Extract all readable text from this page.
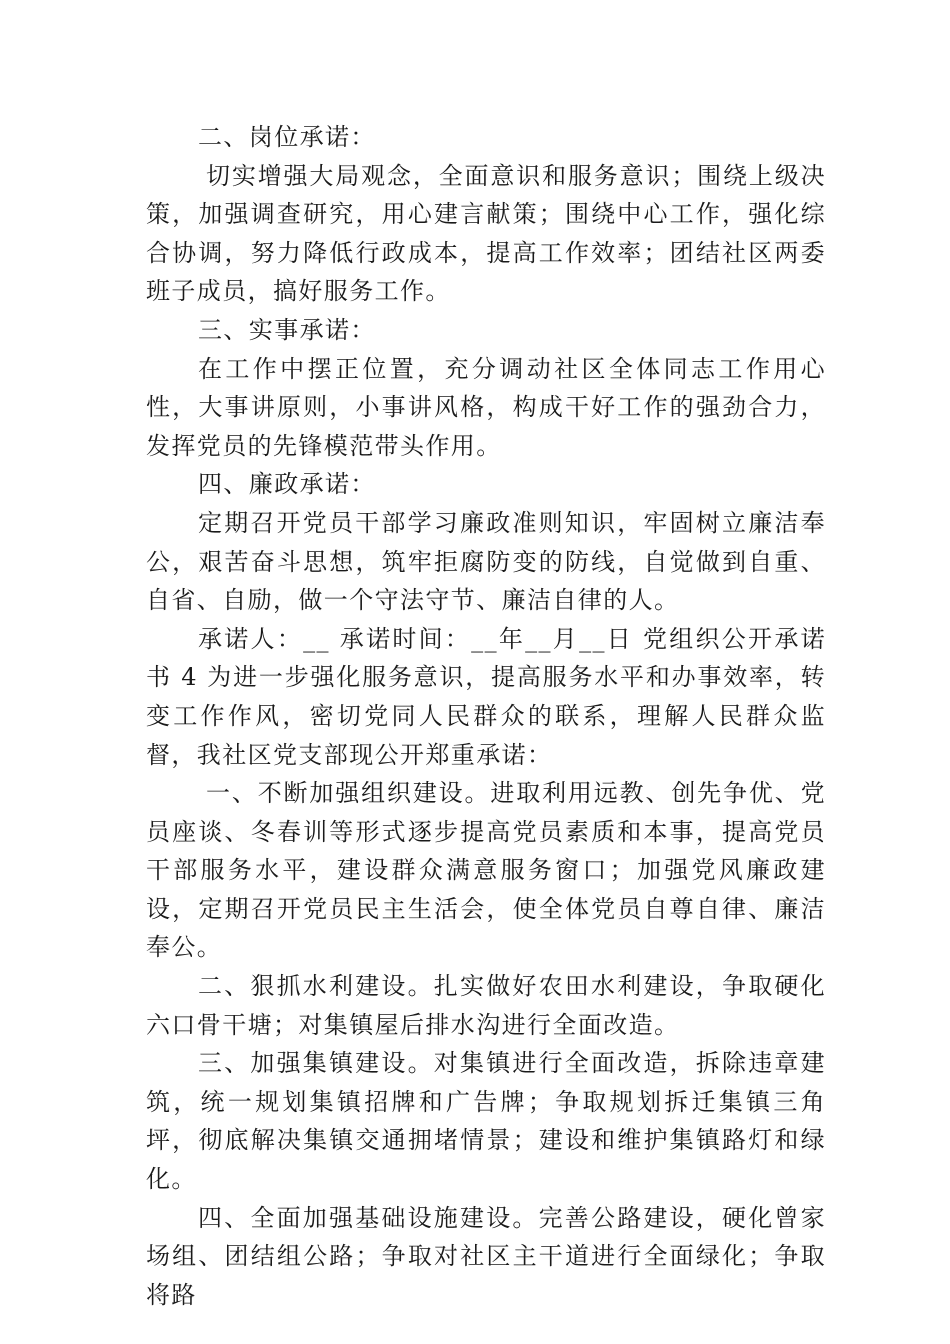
二、岗位承诺：

切实增强大局观念，全面意识和服务意识；围绕上级决策，加强调查研究，用心建言献策；围绕中心工作，强化综合协调，努力降低行政成本，提高工作效率；团结社区两委班子成员，搞好服务工作。

三、实事承诺：

在工作中摆正位置，充分调动社区全体同志工作用心性，大事讲原则，小事讲风格，构成干好工作的强劲合力，发挥党员的先锋模范带头作用。

四、廉政承诺：

定期召开党员干部学习廉政准则知识，牢固树立廉洁奉公，艰苦奋斗思想，筑牢拒腐防变的防线，自觉做到自重、自省、自励，做一个守法守节、廉洁自律的人。

承诺人：__ 承诺时间：__年__月__日 党组织公开承诺书 4 为进一步强化服务意识，提高服务水平和办事效率，转变工作作风，密切党同人民群众的联系，理解人民群众监督，我社区党支部现公开郑重承诺：

一、不断加强组织建设。进取利用远教、创先争优、党员座谈、冬春训等形式逐步提高党员素质和本事，提高党员干部服务水平，建设群众满意服务窗口；加强党风廉政建设，定期召开党员民主生活会，使全体党员自尊自律、廉洁奉公。

二、狠抓水利建设。扎实做好农田水利建设，争取硬化六口骨干塘；对集镇屋后排水沟进行全面改造。

三、加强集镇建设。对集镇进行全面改造，拆除违章建筑，统一规划集镇招牌和广告牌；争取规划拆迁集镇三角坪，彻底解决集镇交通拥堵情景；建设和维护集镇路灯和绿化。

四、全面加强基础设施建设。完善公路建设，硬化曾家场组、团结组公路；争取对社区主干道进行全面绿化；争取将路
